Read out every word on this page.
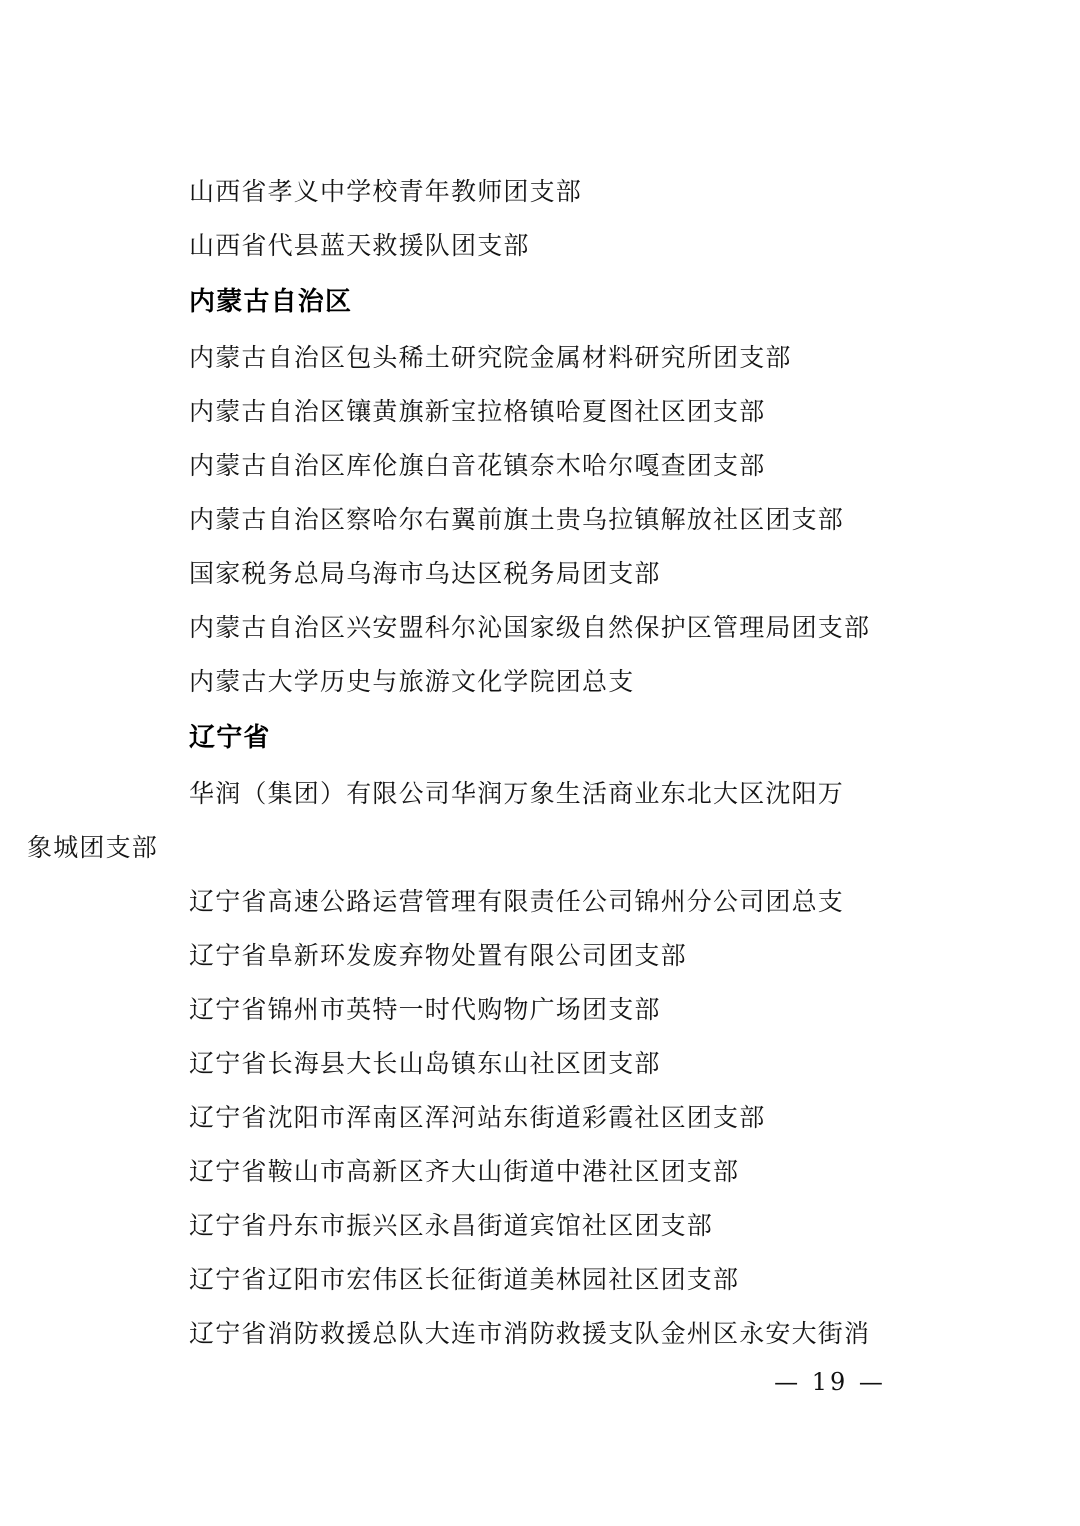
山西省孝义中学校青年教师团支部
山西省代县蓝天救援队团支部
内蒙古自治区
内蒙古自治区包头稀土研究院金属材料研究所团支部
内蒙古自治区镶黄旗新宝拉格镇哈夏图社区团支部
内蒙古自治区库伦旗白音花镇奈木哈尔嘎查团支部
内蒙古自治区察哈尔右翼前旗土贵乌拉镇解放社区团支部
国家税务总局乌海市乌达区税务局团支部
内蒙古自治区兴安盟科尔沁国家级自然保护区管理局团支部
内蒙古大学历史与旅游文化学院团总支
辽宁省
华润（集团）有限公司华润万象生活商业东北大区沈阳万
象城团支部
辽宁省高速公路运营管理有限责任公司锦州分公司团总支
辽宁省阜新环发废弃物处置有限公司团支部
辽宁省锦州市英特一时代购物广场团支部
辽宁省长海县大长山岛镇东山社区团支部
辽宁省沈阳市浑南区浑河站东街道彩霞社区团支部
辽宁省鞍山市高新区齐大山街道中港社区团支部
辽宁省丹东市振兴区永昌街道宾馆社区团支部
辽宁省辽阳市宏伟区长征街道美林园社区团支部
辽宁省消防救援总队大连市消防救援支队金州区永安大街消
— 19 —
